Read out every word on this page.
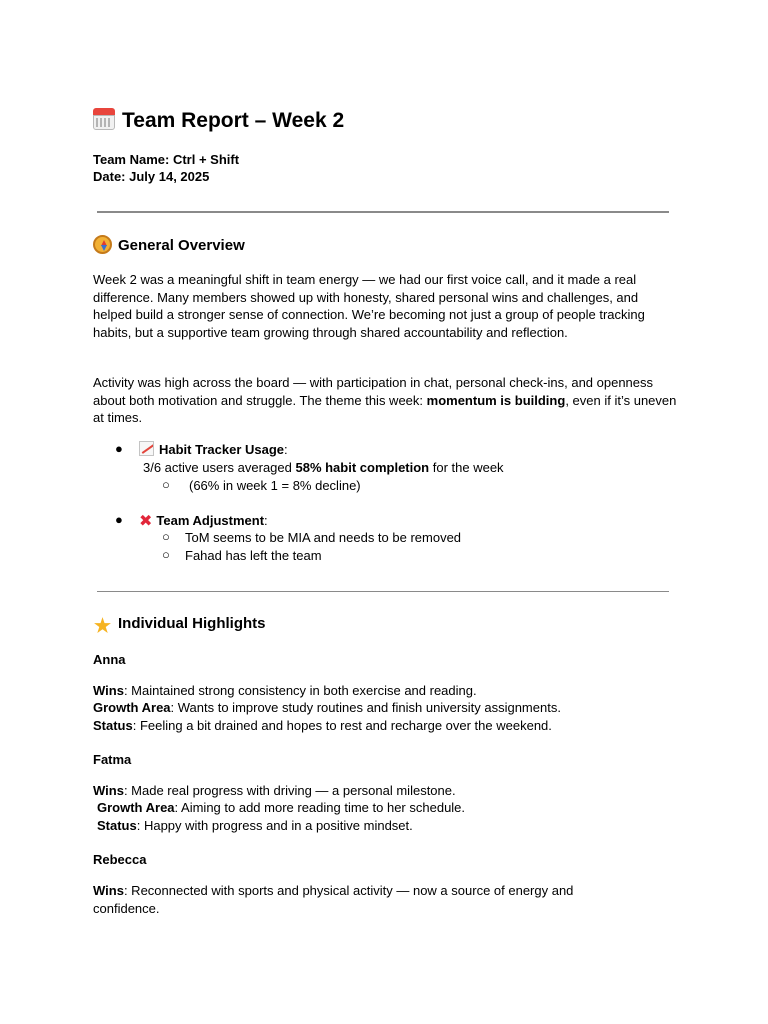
Team Report – Week 2
Team Name: Ctrl + Shift
Date: July 14, 2025
General Overview
Week 2 was a meaningful shift in team energy — we had our first voice call, and it made a real difference. Many members showed up with honesty, shared personal wins and challenges, and helped build a stronger sense of connection. We’re becoming not just a group of people tracking habits, but a supportive team growing through shared accountability and reflection.
Activity was high across the board — with participation in chat, personal check-ins, and openness about both motivation and struggle. The theme this week: momentum is building, even if it’s uneven at times.
●	Habit Tracker Usage:
3/6 active users averaged 58% habit completion for the week
○ (66% in week 1 = 8% decline)
● ✖ Team Adjustment:
○ ToM seems to be MIA and needs to be removed
○ Fahad has left the team
★ Individual Highlights
Anna
Wins: Maintained strong consistency in both exercise and reading.
Growth Area: Wants to improve study routines and finish university assignments.
Status: Feeling a bit drained and hopes to rest and recharge over the weekend.
Fatma
Wins: Made real progress with driving — a personal milestone.
Growth Area: Aiming to add more reading time to her schedule.
Status: Happy with progress and in a positive mindset.
Rebecca
Wins: Reconnected with sports and physical activity — now a source of energy and confidence.
